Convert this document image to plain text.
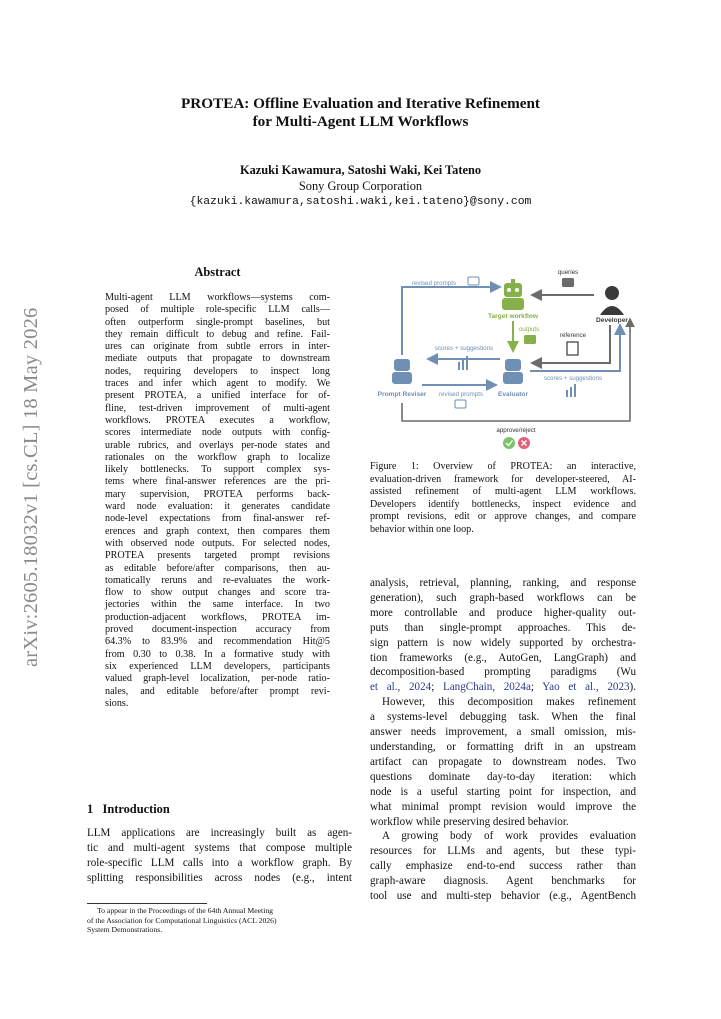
PROTEA: Offline Evaluation and Iterative Refinement
for Multi-Agent LLM Workflows
Kazuki Kawamura, Satoshi Waki, Kei Tateno
Sony Group Corporation
{kazuki.kawamura,satoshi.waki,kei.tateno}@sony.com
arXiv:2605.18032v1 [cs.CL] 18 May 2026
Abstract
Multi-agent LLM workflows—systems com-
posed of multiple role-specific LLM calls—
often outperform single-prompt baselines, but
they remain difficult to debug and refine. Fail-
ures can originate from subtle errors in inter-
mediate outputs that propagate to downstream
nodes, requiring developers to inspect long
traces and infer which agent to modify. We
present PROTEA, a unified interface for of-
fline, test-driven improvement of multi-agent
workflows. PROTEA executes a workflow,
scores intermediate node outputs with config-
urable rubrics, and overlays per-node states and
rationales on the workflow graph to localize
likely bottlenecks. To support complex sys-
tems where final-answer references are the pri-
mary supervision, PROTEA performs back-
ward node evaluation: it generates candidate
node-level expectations from final-answer ref-
erences and graph context, then compares them
with observed node outputs. For selected nodes,
PROTEA presents targeted prompt revisions
as editable before/after comparisons, then au-
tomatically reruns and re-evaluates the work-
flow to show output changes and score tra-
jectories within the same interface. In two
production-adjacent workflows, PROTEA im-
proved document-inspection accuracy from
64.3% to 83.9% and recommendation Hit@5
from 0.30 to 0.38. In a formative study with
six experienced LLM developers, participants
valued graph-level localization, per-node ratio-
nales, and editable before/after prompt revi-
sions.
1 Introduction
LLM applications are increasingly built as agen-
tic and multi-agent systems that compose multiple
role-specific LLM calls into a workflow graph. By
splitting responsibilities across nodes (e.g., intent
To appear in the Proceedings of the 64th Annual Meeting
of the Association for Computational Linguistics (ACL 2026)
System Demonstrations.
Target workflow
Developer
queries
revised prompts
outputs
reference
scores + suggestions
scores + suggestions
Prompt Reviser revised prompts Evaluator
approve/reject
Figure 1: Overview of PROTEA: an interactive,
evaluation-driven framework for developer-steered, AI-
assisted refinement of multi-agent LLM workflows.
Developers identify bottlenecks, inspect evidence and
prompt revisions, edit or approve changes, and compare
behavior within one loop.
analysis, retrieval, planning, ranking, and response
generation), such graph-based workflows can be
more controllable and produce higher-quality out-
puts than single-prompt approaches. This de-
sign pattern is now widely supported by orchestra-
tion frameworks (e.g., AutoGen, LangGraph) and
decomposition-based prompting paradigms (Wu
et al., 2024; LangChain, 2024a; Yao et al., 2023).
However, this decomposition makes refinement
a systems-level debugging task. When the final
answer needs improvement, a small omission, mis-
understanding, or formatting drift in an upstream
artifact can propagate to downstream nodes. Two
questions dominate day-to-day iteration: which
node is a useful starting point for inspection, and
what minimal prompt revision would improve the
workflow while preserving desired behavior.
A growing body of work provides evaluation
resources for LLMs and agents, but these typi-
cally emphasize end-to-end success rather than
graph-aware diagnosis. Agent benchmarks for
tool use and multi-step behavior (e.g., AgentBench
